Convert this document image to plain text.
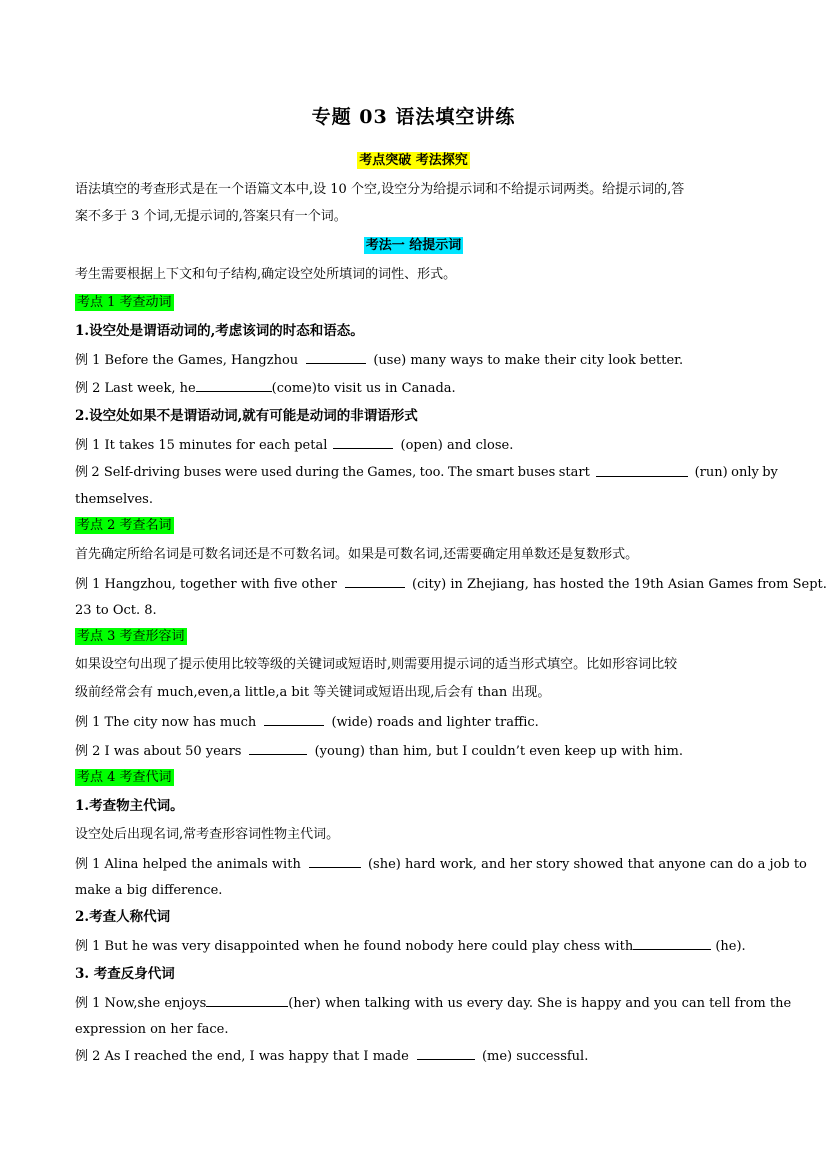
专题 03 语法填空讲练
考点突破 考法探究
语法填空的考查形式是在一个语篇文本中,设 10 个空,设空分为给提示词和不给提示词两类。给提示词的,答
案不多于 3 个词,无提示词的,答案只有一个词。
考法一 给提示词
考生需要根据上下文和句子结构,确定设空处所填词的词性、形式。
考点 1 考查动词
1.设空处是谓语动词的,考虑该词的时态和语态。
例 1 Before the Games, Hangzhou	(use) many ways to make their city look better.
例 2 Last week, he	(come)to visit us in Canada.
2.设空处如果不是谓语动词,就有可能是动词的非谓语形式
例 1 It takes 15 minutes for each petal	(open) and close.
例 2 Self-driving buses were used during the Games, too. The smart buses start	(run) only by
themselves.
考点 2 考查名词
首先确定所给名词是可数名词还是不可数名词。如果是可数名词,还需要确定用单数还是复数形式。
例 1 Hangzhou, together with five other	(city) in Zhejiang, has hosted the 19th Asian Games from Sept.
23 to Oct. 8.
考点 3 考查形容词
如果设空句出现了提示使用比较等级的关键词或短语时,则需要用提示词的适当形式填空。比如形容词比较
级前经常会有 much,even,a little,a bit 等关键词或短语出现,后会有 than 出现。
例 1 The city now has much	(wide) roads and lighter traffic.
例 2 I was about 50 years	(young) than him, but I couldn’t even keep up with him.
考点 4 考查代词
1.考查物主代词。
设空处后出现名词,常考查形容词性物主代词。
例 1 Alina helped the animals with	(she) hard work, and her story showed that anyone can do a job to
make a big difference.
2.考查人称代词
例 1 But he was very disappointed when he found nobody here could play chess with	(he).
3. 考查反身代词
例 1 Now,she enjoys	(her) when talking with us every day. She is happy and you can tell from the
expression on her face.
例 2 As I reached the end, I was happy that I made	(me) successful.
